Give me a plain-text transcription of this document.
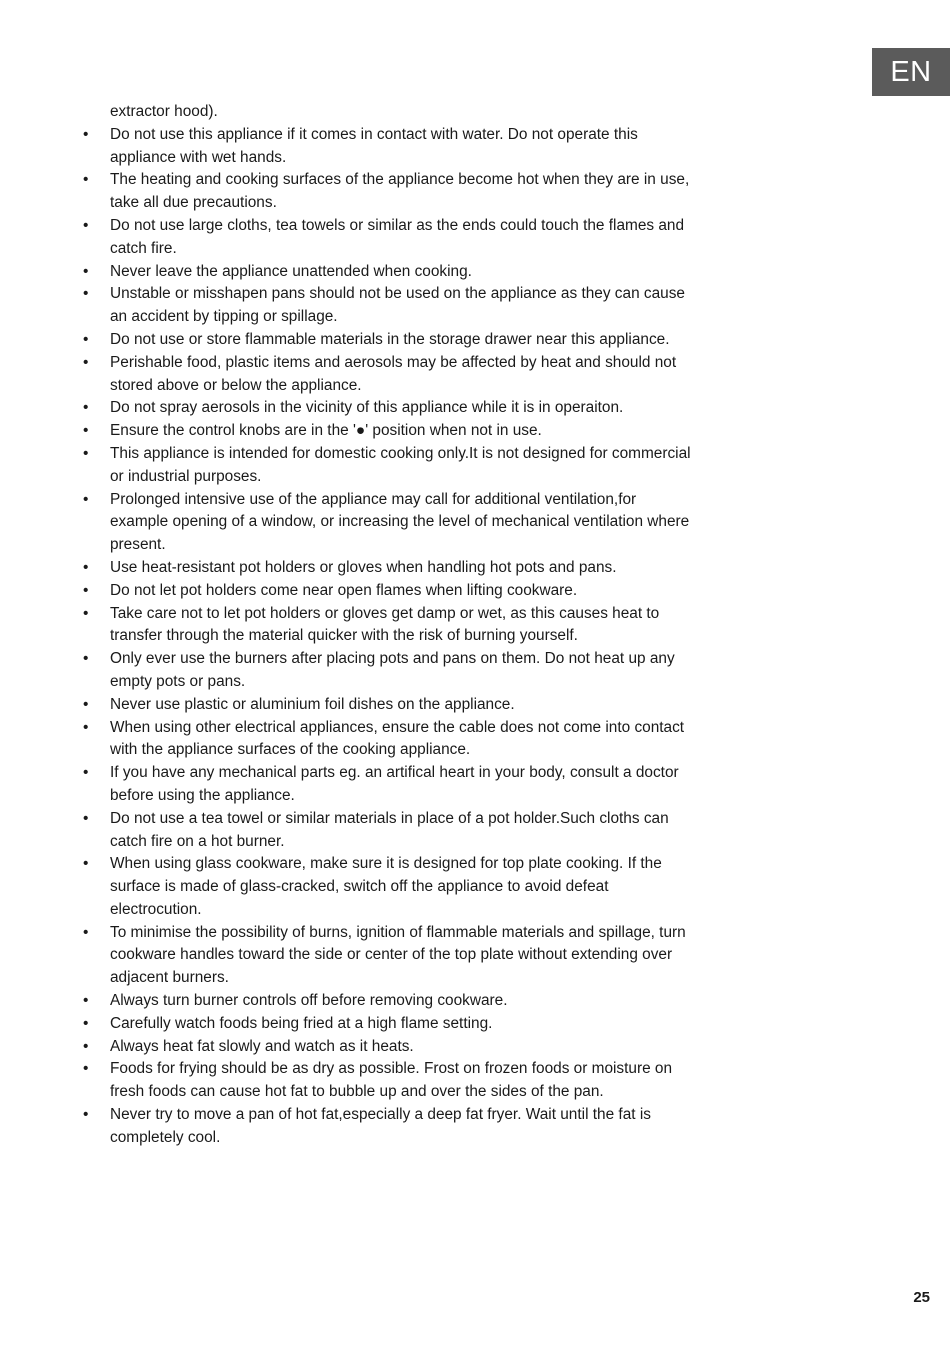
EN

extractor hood).

•	Do not use this appliance if it comes in contact with water. Do not operate this appliance with wet hands.
•	The heating and cooking surfaces of the appliance become hot when they are in use, take all due precautions.
•	Do not use large cloths, tea towels or similar as the ends could touch the flames and catch fire.
•	Never leave the appliance unattended when cooking.
•	Unstable or misshapen pans should not be used on the appliance as they can cause an accident by tipping or spillage.
•	Do not use or store flammable materials in the storage drawer near this appliance.
•	Perishable food, plastic items and aerosols may be affected by heat and should not stored above or below the appliance.
•	Do not spray aerosols in the vicinity of this appliance while it is in operaiton.
•	Ensure the control knobs are in the '●' position when not in use.
•	This appliance is intended for domestic cooking only.It is not designed for commercial or industrial purposes.
•	Prolonged intensive use of the appliance may call for additional ventilation,for example opening of a window, or increasing the level of mechanical ventilation where present.
•	Use heat-resistant pot holders or gloves when handling hot pots and pans.
•	Do not let pot holders come near open flames when lifting cookware.
•	Take care not to let pot holders or gloves get damp or wet, as this causes heat to transfer through the material quicker with the risk of burning yourself.
•	Only ever use the burners after placing pots and pans on them. Do not heat up any empty pots or pans.
•	Never use plastic or aluminium foil dishes on the appliance.
•	When using other electrical appliances, ensure the cable does not come into contact with the appliance surfaces of the cooking appliance.
•	If you have any mechanical parts eg. an artifical heart in your body, consult a doctor before using the appliance.
•	Do not use a tea towel or similar materials in place of a pot holder.Such cloths can catch fire on a hot burner.
•	When using glass cookware, make sure it is designed for top plate cooking. If the surface is made of glass-cracked, switch off the appliance to avoid defeat electrocution.
•	To minimise the possibility of burns, ignition of flammable materials and spillage, turn cookware handles toward the side or center of the top plate without extending over adjacent burners.
•	Always turn burner controls off before removing cookware.
•	Carefully watch foods being fried at a high flame setting.
•	Always heat fat slowly and watch as it heats.
•	Foods for frying should be as dry as possible. Frost on frozen foods or moisture on fresh foods can cause hot fat to bubble up and over the sides of the pan.
•	Never try to move a pan of hot fat,especially a deep fat fryer. Wait until the fat is completely cool.
25
